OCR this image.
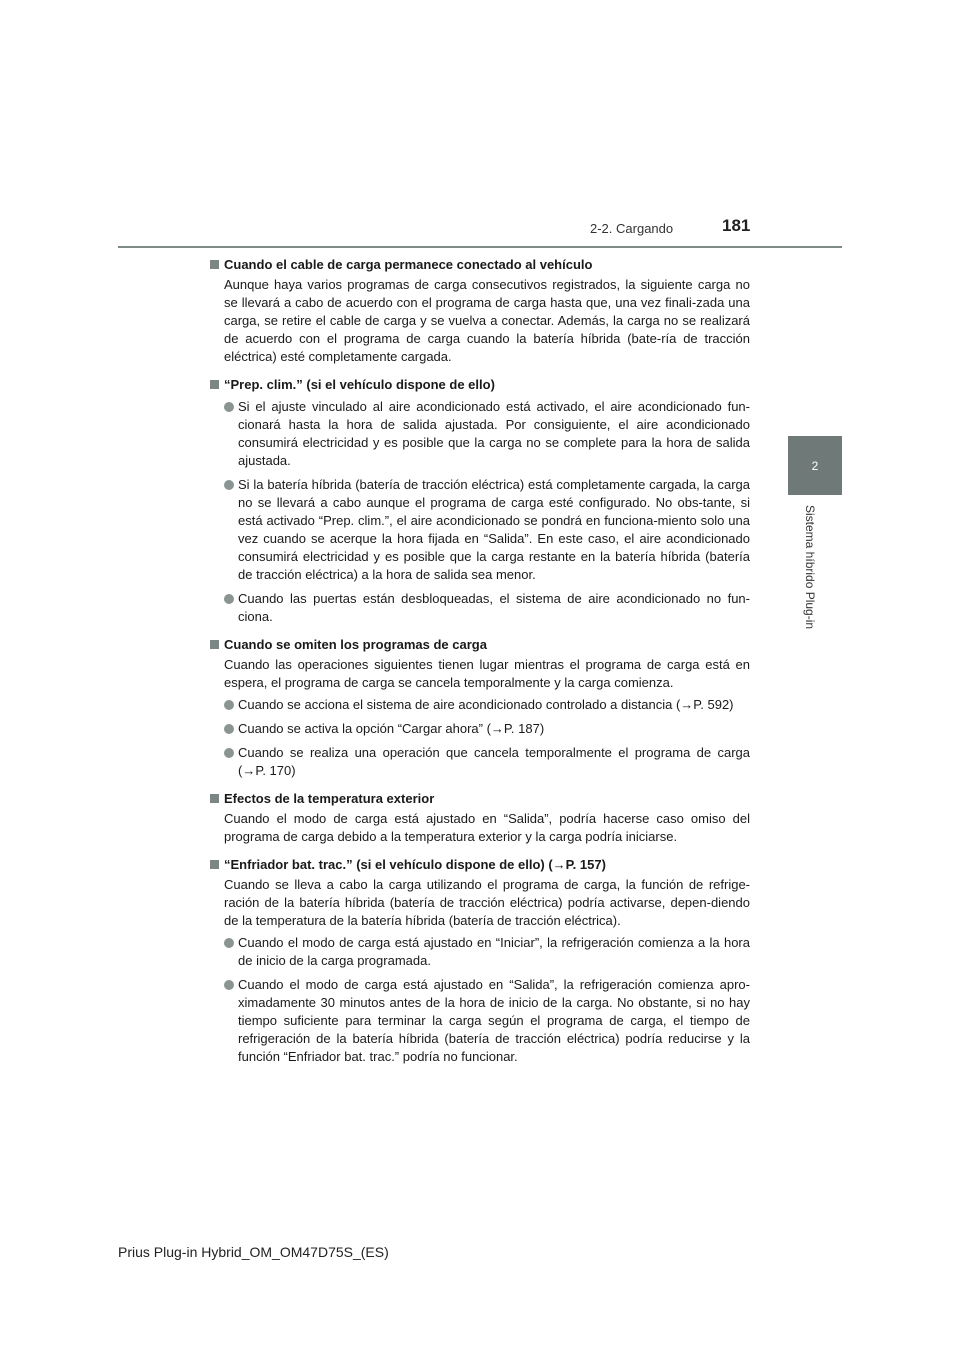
2-2. Cargando	181
2
Sistema híbrido Plug-in
Cuando el cable de carga permanece conectado al vehículo
Aunque haya varios programas de carga consecutivos registrados, la siguiente carga no se llevará a cabo de acuerdo con el programa de carga hasta que, una vez finali-zada una carga, se retire el cable de carga y se vuelva a conectar. Además, la carga no se realizará de acuerdo con el programa de carga cuando la batería híbrida (bate-ría de tracción eléctrica) esté completamente cargada.
“Prep. clim.” (si el vehículo dispone de ello)
Si el ajuste vinculado al aire acondicionado está activado, el aire acondicionado fun-cionará hasta la hora de salida ajustada. Por consiguiente, el aire acondicionado consumirá electricidad y es posible que la carga no se complete para la hora de salida ajustada.
Si la batería híbrida (batería de tracción eléctrica) está completamente cargada, la carga no se llevará a cabo aunque el programa de carga esté configurado. No obs-tante, si está activado “Prep. clim.”, el aire acondicionado se pondrá en funciona-miento solo una vez cuando se acerque la hora fijada en “Salida”. En este caso, el aire acondicionado consumirá electricidad y es posible que la carga restante en la batería híbrida (batería de tracción eléctrica) a la hora de salida sea menor.
Cuando las puertas están desbloqueadas, el sistema de aire acondicionado no fun-ciona.
Cuando se omiten los programas de carga
Cuando las operaciones siguientes tienen lugar mientras el programa de carga está en espera, el programa de carga se cancela temporalmente y la carga comienza.
Cuando se acciona el sistema de aire acondicionado controlado a distancia (→P. 592)
Cuando se activa la opción “Cargar ahora” (→P. 187)
Cuando se realiza una operación que cancela temporalmente el programa de carga (→P. 170)
Efectos de la temperatura exterior
Cuando el modo de carga está ajustado en “Salida”, podría hacerse caso omiso del programa de carga debido a la temperatura exterior y la carga podría iniciarse.
“Enfriador bat. trac.” (si el vehículo dispone de ello) (→P. 157)
Cuando se lleva a cabo la carga utilizando el programa de carga, la función de refrige-ración de la batería híbrida (batería de tracción eléctrica) podría activarse, depen-diendo de la temperatura de la batería híbrida (batería de tracción eléctrica).
Cuando el modo de carga está ajustado en “Iniciar”, la refrigeración comienza a la hora de inicio de la carga programada.
Cuando el modo de carga está ajustado en “Salida”, la refrigeración comienza apro-ximadamente 30 minutos antes de la hora de inicio de la carga. No obstante, si no hay tiempo suficiente para terminar la carga según el programa de carga, el tiempo de refrigeración de la batería híbrida (batería de tracción eléctrica) podría reducirse y la función “Enfriador bat. trac.” podría no funcionar.
Prius Plug-in Hybrid_OM_OM47D75S_(ES)
